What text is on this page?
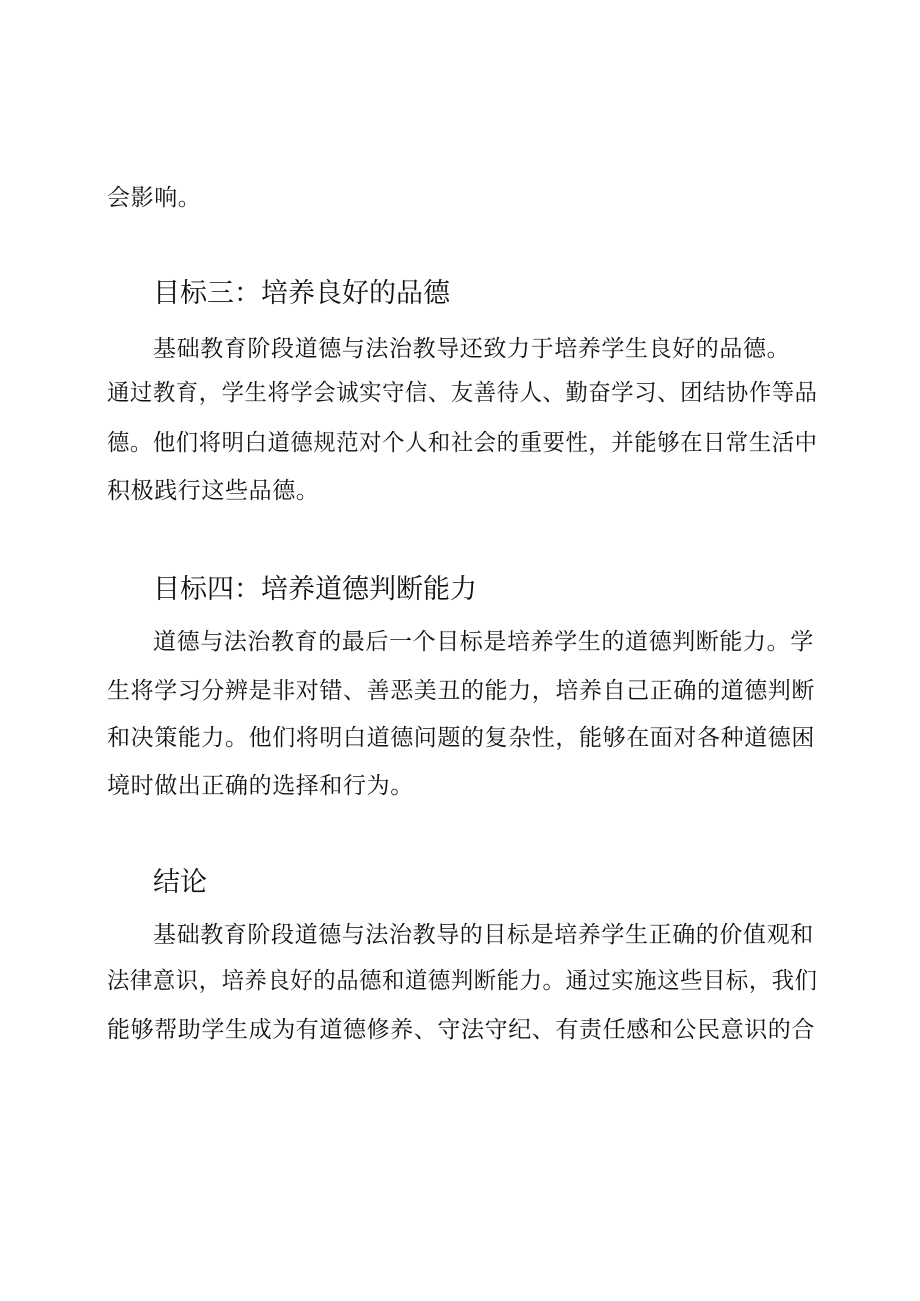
会影响。
目标三：培养良好的品德
基础教育阶段道德与法治教导还致力于培养学生良好的品德。
通过教育，学生将学会诚实守信、友善待人、勤奋学习、团结协作等品
德。他们将明白道德规范对个人和社会的重要性，并能够在日常生活中
积极践行这些品德。
目标四：培养道德判断能力
道德与法治教育的最后一个目标是培养学生的道德判断能力。学
生将学习分辨是非对错、善恶美丑的能力，培养自己正确的道德判断
和决策能力。他们将明白道德问题的复杂性，能够在面对各种道德困
境时做出正确的选择和行为。
结论
基础教育阶段道德与法治教导的目标是培养学生正确的价值观和
法律意识，培养良好的品德和道德判断能力。通过实施这些目标，我们
能够帮助学生成为有道德修养、守法守纪、有责任感和公民意识的合
